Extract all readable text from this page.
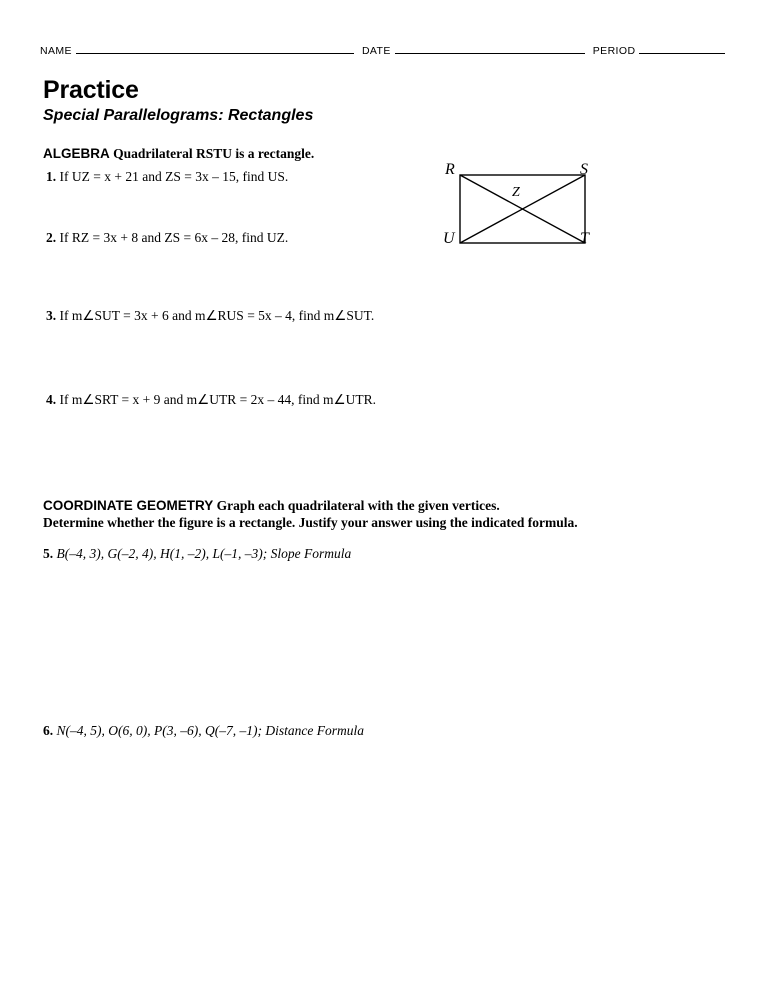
NAME	DATE	PERIOD
Practice
Special Parallelograms: Rectangles
ALGEBRA Quadrilateral RSTU is a rectangle.
1. If UZ = x + 21 and ZS = 3x – 15, find US.
2. If RZ = 3x + 8 and ZS = 6x – 28, find UZ.
3. If m∠SUT = 3x + 6 and m∠RUS = 5x – 4, find m∠SUT.
4. If m∠SRT = x + 9 and m∠UTR = 2x – 44, find m∠UTR.
R	S
U	T
Z
COORDINATE GEOMETRY Graph each quadrilateral with the given vertices.
Determine whether the figure is a rectangle. Justify your answer using the indicated formula.
5. B(–4, 3), G(–2, 4), H(1, –2), L(–1, –3); Slope Formula
6. N(–4, 5), O(6, 0), P(3, –6), Q(–7, –1); Distance Formula
